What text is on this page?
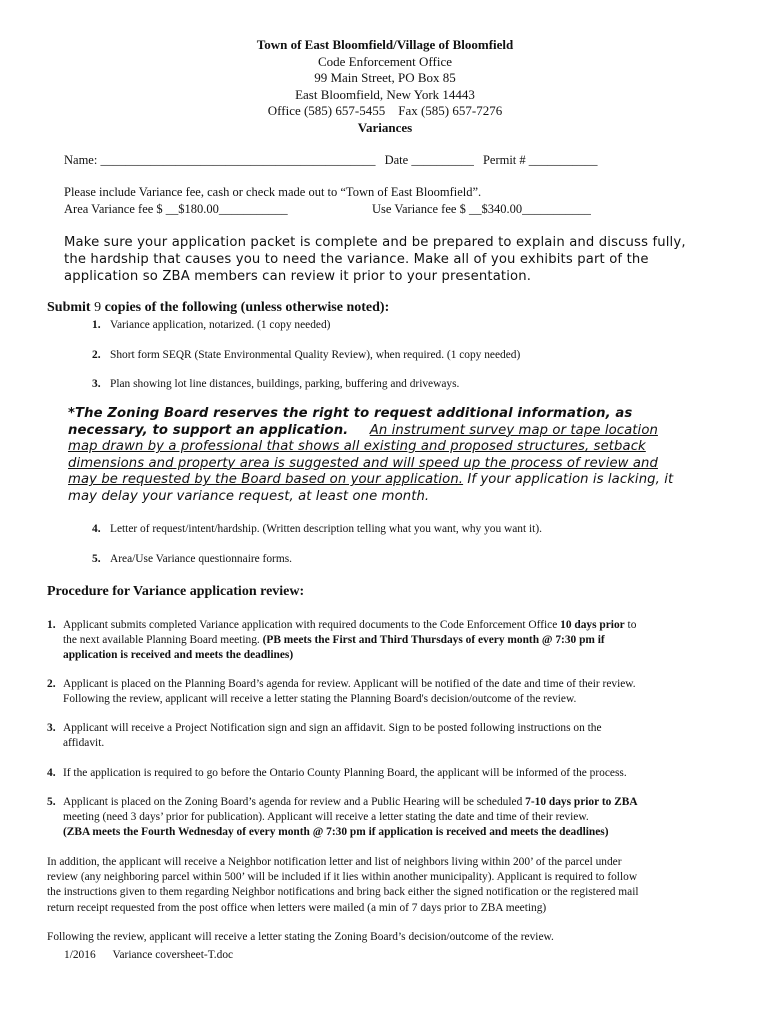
Town of East Bloomfield/Village of Bloomfield
Code Enforcement Office
99 Main Street, PO Box 85
East Bloomfield, New York 14443
Office (585) 657-5455    Fax (585) 657-7276
Variances
Name: ____________________________________________ Date __________ Permit # ___________
Please include Variance fee, cash or check made out to “Town of East Bloomfield”.
Area Variance fee $ __$180.00___________	Use Variance fee $ __$340.00___________
Make sure your application packet is complete and be prepared to explain and discuss fully,
the hardship that causes you to need the variance. Make all of you exhibits part of the
application so ZBA members can review it prior to your presentation.
Submit 9 copies of the following (unless otherwise noted):
1. Variance application, notarized. (1 copy needed)
2. Short form SEQR (State Environmental Quality Review), when required. (1 copy needed)
3. Plan showing lot line distances, buildings, parking, buffering and driveways.
*The Zoning Board reserves the right to request additional information, as
necessary, to support an application. An instrument survey map or tape location
map drawn by a professional that shows all existing and proposed structures, setback
dimensions and property area is suggested and will speed up the process of review and
may be requested by the Board based on your application. If your application is lacking, it
may delay your variance request, at least one month.
4. Letter of request/intent/hardship. (Written description telling what you want, why you want it).
5. Area/Use Variance questionnaire forms.
Procedure for Variance application review:
1. Applicant submits completed Variance application with required documents to the Code Enforcement Office 10 days prior to
the next available Planning Board meeting. (PB meets the First and Third Thursdays of every month @ 7:30 pm if
application is received and meets the deadlines)
2. Applicant is placed on the Planning Board’s agenda for review. Applicant will be notified of the date and time of their review.
Following the review, applicant will receive a letter stating the Planning Board's decision/outcome of the review.
3. Applicant will receive a Project Notification sign and sign an affidavit. Sign to be posted following instructions on the
affidavit.
4. If the application is required to go before the Ontario County Planning Board, the applicant will be informed of the process.
5. Applicant is placed on the Zoning Board’s agenda for review and a Public Hearing will be scheduled 7-10 days prior to ZBA
meeting (need 3 days’ prior for publication). Applicant will receive a letter stating the date and time of their review.
(ZBA meets the Fourth Wednesday of every month @ 7:30 pm if application is received and meets the deadlines)
In addition, the applicant will receive a Neighbor notification letter and list of neighbors living within 200’ of the parcel under
review (any neighboring parcel within 500’ will be included if it lies within another municipality). Applicant is required to follow
the instructions given to them regarding Neighbor notifications and bring back either the signed notification or the registered mail
return receipt requested from the post office when letters were mailed (a min of 7 days prior to ZBA meeting)
Following the review, applicant will receive a letter stating the Zoning Board’s decision/outcome of the review.
1/2016 Variance coversheet-T.doc
